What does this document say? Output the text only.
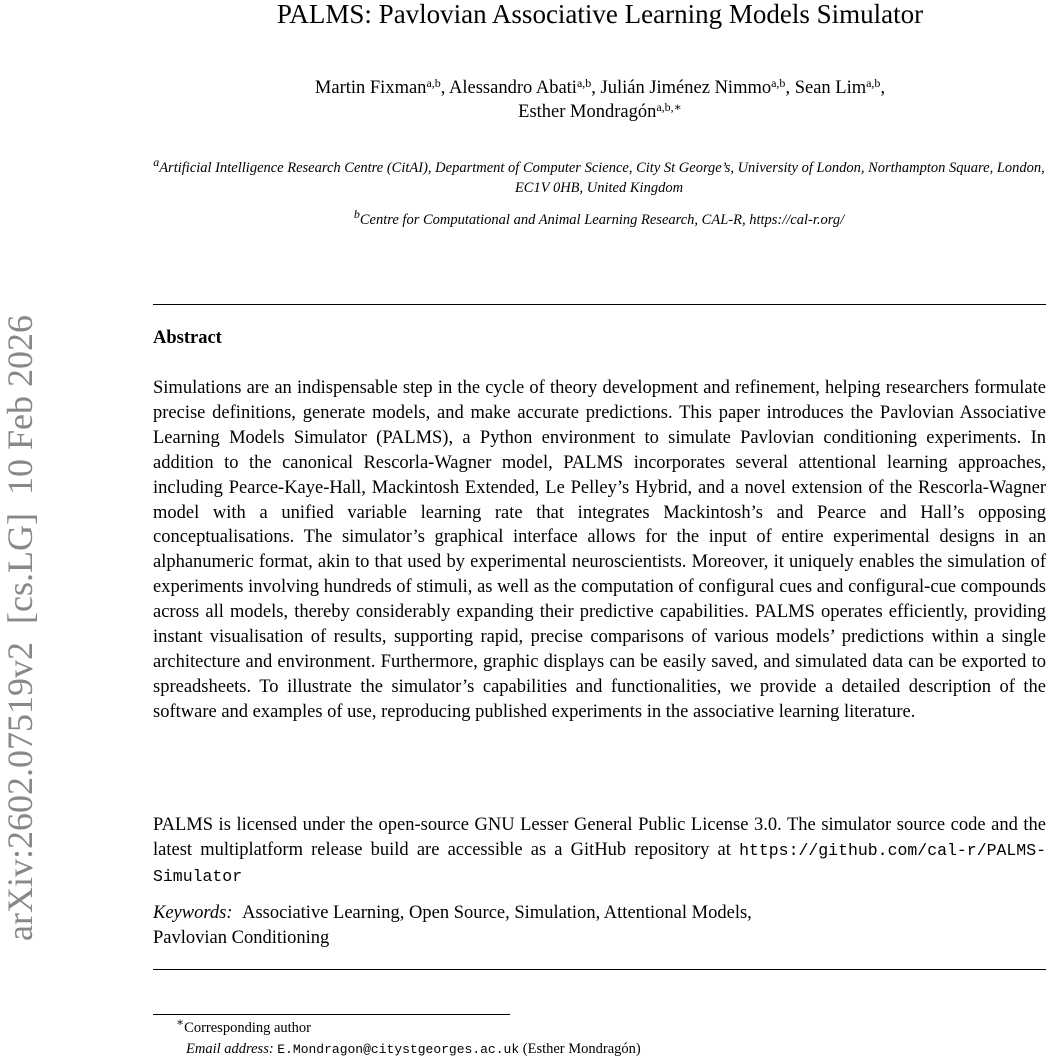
arXiv:2602.07519v2  [cs.LG]  10 Feb 2026
PALMS: Pavlovian Associative Learning Models Simulator
Martin Fixman$^{a,b}$, Alessandro Abati$^{a,b}$, Julián Jiménez Nimmo$^{a,b}$, Sean Lim$^{a,b}$,
Esther Mondragón$^{a,b,∗}$
$^a$Artificial Intelligence Research Centre (CitAI), Department of Computer Science, City St George’s, University of London, Northampton Square, London, EC1V 0HB, United Kingdom
$^b$Centre for Computational and Animal Learning Research, CAL-R, https://cal-r.org/
Abstract

Simulations are an indispensable step in the cycle of theory development and refinement, helping researchers formulate precise definitions, generate models, and make accurate predictions. This paper introduces the Pavlovian Associative Learning Models Simulator (PALMS), a Python environment to simulate Pavlovian conditioning experiments. In addition to the canonical Rescorla-Wagner model, PALMS incorporates several attentional learning approaches, including Pearce-Kaye-Hall, Mackintosh Extended, Le Pelley’s Hybrid, and a novel extension of the Rescorla-Wagner model with a unified variable learning rate that integrates Mackintosh’s and Pearce and Hall’s opposing conceptualisations. The simulator’s graphical interface allows for the input of entire experimental designs in an alphanumeric format, akin to that used by experimental neuroscientists. Moreover, it uniquely enables the simulation of experiments involving hundreds of stimuli, as well as the computation of configural cues and configural-cue compounds across all models, thereby considerably expanding their predictive capabilities. PALMS operates efficiently, providing instant visualisation of results, supporting rapid, precise comparisons of various models’ predictions within a single architecture and environment. Furthermore, graphic displays can be easily saved, and simulated data can be exported to spreadsheets. To illustrate the simulator’s capabilities and functionalities, we provide a detailed description of the software and examples of use, reproducing published experiments in the associative learning literature.

PALMS is licensed under the open-source GNU Lesser General Public License 3.0. The simulator source code and the latest multiplatform release build are accessible as a GitHub repository at https://github.com/cal-r/PALMS-Simulator

Keywords: Associative Learning, Open Source, Simulation, Attentional Models,
Pavlovian Conditioning

∗Corresponding author
Email address: E.Mondragon@citystgeorges.ac.uk (Esther Mondragón)
